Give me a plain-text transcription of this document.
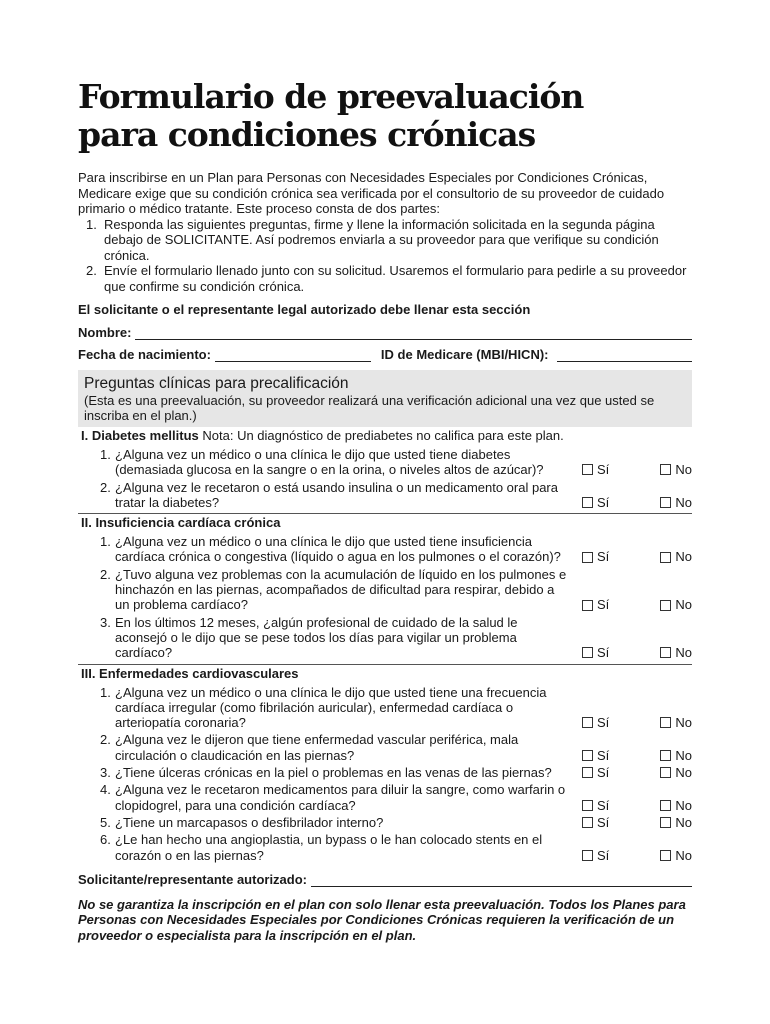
Formulario de preevaluación
para condiciones crónicas

Para inscribirse en un Plan para Personas con Necesidades Especiales por Condiciones Crónicas, Medicare exige que su condición crónica sea verificada por el consultorio de su proveedor de cuidado primario o médico tratante. Este proceso consta de dos partes:

1. Responda las siguientes preguntas, firme y llene la información solicitada en la segunda página debajo de SOLICITANTE. Así podremos enviarla a su proveedor para que verifique su condición crónica.
2. Envíe el formulario llenado junto con su solicitud. Usaremos el formulario para pedirle a su proveedor que confirme su condición crónica.
El solicitante o el representante legal autorizado debe llenar esta sección
Nombre:
Fecha de nacimiento:	ID de Medicare (MBI/HICN):
Preguntas clínicas para precalificación
(Esta es una preevaluación, su proveedor realizará una verificación adicional una vez que usted se inscriba en el plan.)
I. Diabetes mellitus Nota: Un diagnóstico de prediabetes no califica para este plan.
1. ¿Alguna vez un médico o una clínica le dijo que usted tiene diabetes (demasiada glucosa en la sangre o en la orina, o niveles altos de azúcar)?	Sí	No
2. ¿Alguna vez le recetaron o está usando insulina o un medicamento oral para tratar la diabetes?	Sí	No
II. Insuficiencia cardíaca crónica
1. ¿Alguna vez un médico o una clínica le dijo que usted tiene insuficiencia cardíaca crónica o congestiva (líquido o agua en los pulmones o el corazón)?	Sí	No
2. ¿Tuvo alguna vez problemas con la acumulación de líquido en los pulmones e hinchazón en las piernas, acompañados de dificultad para respirar, debido a un problema cardíaco?	Sí	No
3. En los últimos 12 meses, ¿algún profesional de cuidado de la salud le aconsejó o le dijo que se pese todos los días para vigilar un problema cardíaco?	Sí	No
III. Enfermedades cardiovasculares
1. ¿Alguna vez un médico o una clínica le dijo que usted tiene una frecuencia cardíaca irregular (como fibrilación auricular), enfermedad cardíaca o arteriopatía coronaria?	Sí	No
2. ¿Alguna vez le dijeron que tiene enfermedad vascular periférica, mala circulación o claudicación en las piernas?	Sí	No
3. ¿Tiene úlceras crónicas en la piel o problemas en las venas de las piernas?	Sí	No
4. ¿Alguna vez le recetaron medicamentos para diluir la sangre, como warfarin o clopidogrel, para una condición cardíaca?	Sí	No
5. ¿Tiene un marcapasos o desfibrilador interno?	Sí	No
6. ¿Le han hecho una angioplastia, un bypass o le han colocado stents en el corazón o en las piernas?	Sí	No
Solicitante/representante autorizado:
No se garantiza la inscripción en el plan con solo llenar esta preevaluación. Todos los Planes para Personas con Necesidades Especiales por Condiciones Crónicas requieren la verificación de un proveedor o especialista para la inscripción en el plan.
